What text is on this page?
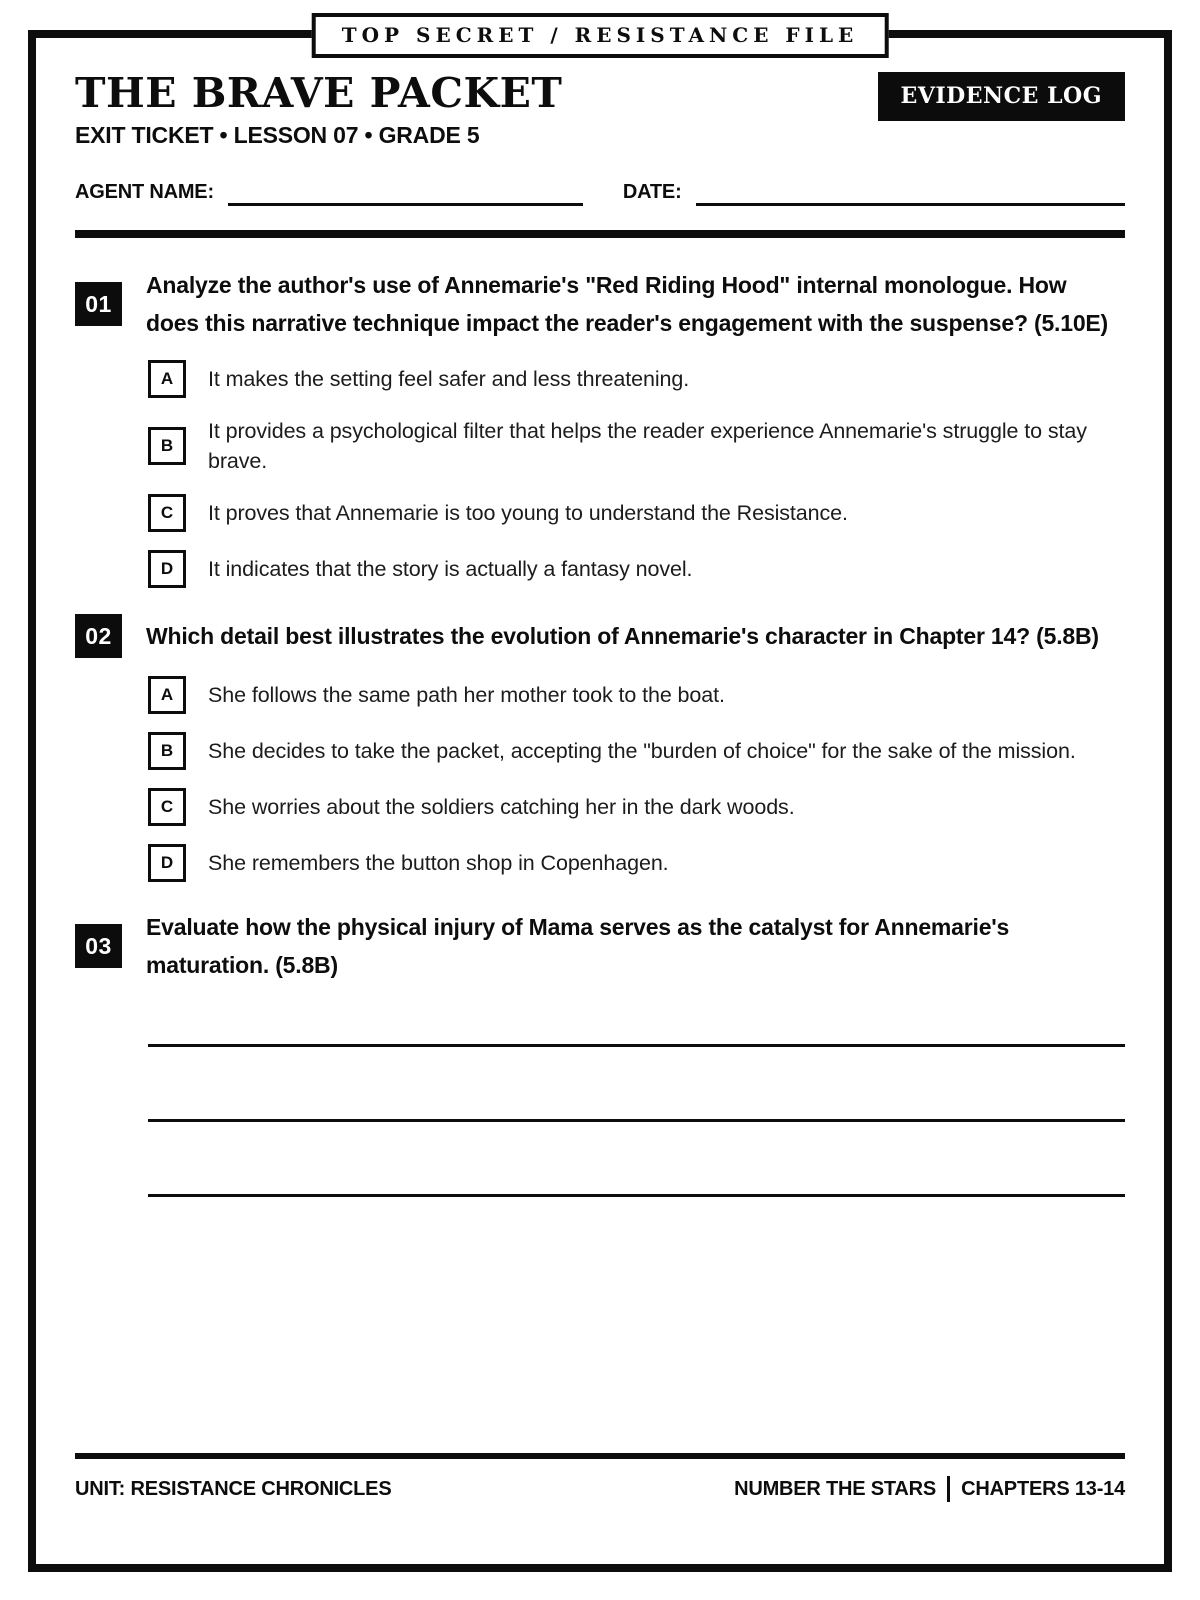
TOP SECRET / RESISTANCE FILE
THE BRAVE PACKET	EVIDENCE LOG
EXIT TICKET • LESSON 07 • GRADE 5
AGENT NAME:	DATE:
01
Analyze the author's use of Annemarie's "Red Riding Hood" internal monologue. How does this narrative technique impact the reader's engagement with the suspense? (5.10E)
A	It makes the setting feel safer and less threatening.
B
It provides a psychological filter that helps the reader experience Annemarie's struggle to stay brave.
C	It proves that Annemarie is too young to understand the Resistance.
D	It indicates that the story is actually a fantasy novel.
02	Which detail best illustrates the evolution of Annemarie's character in Chapter 14? (5.8B)
A	She follows the same path her mother took to the boat.
B	She decides to take the packet, accepting the "burden of choice" for the sake of the mission.
C	She worries about the soldiers catching her in the dark woods.
D	She remembers the button shop in Copenhagen.
03
Evaluate how the physical injury of Mama serves as the catalyst for Annemarie's maturation. (5.8B)
UNIT: RESISTANCE CHRONICLES	NUMBER THE STARS CHAPTERS 13-14
